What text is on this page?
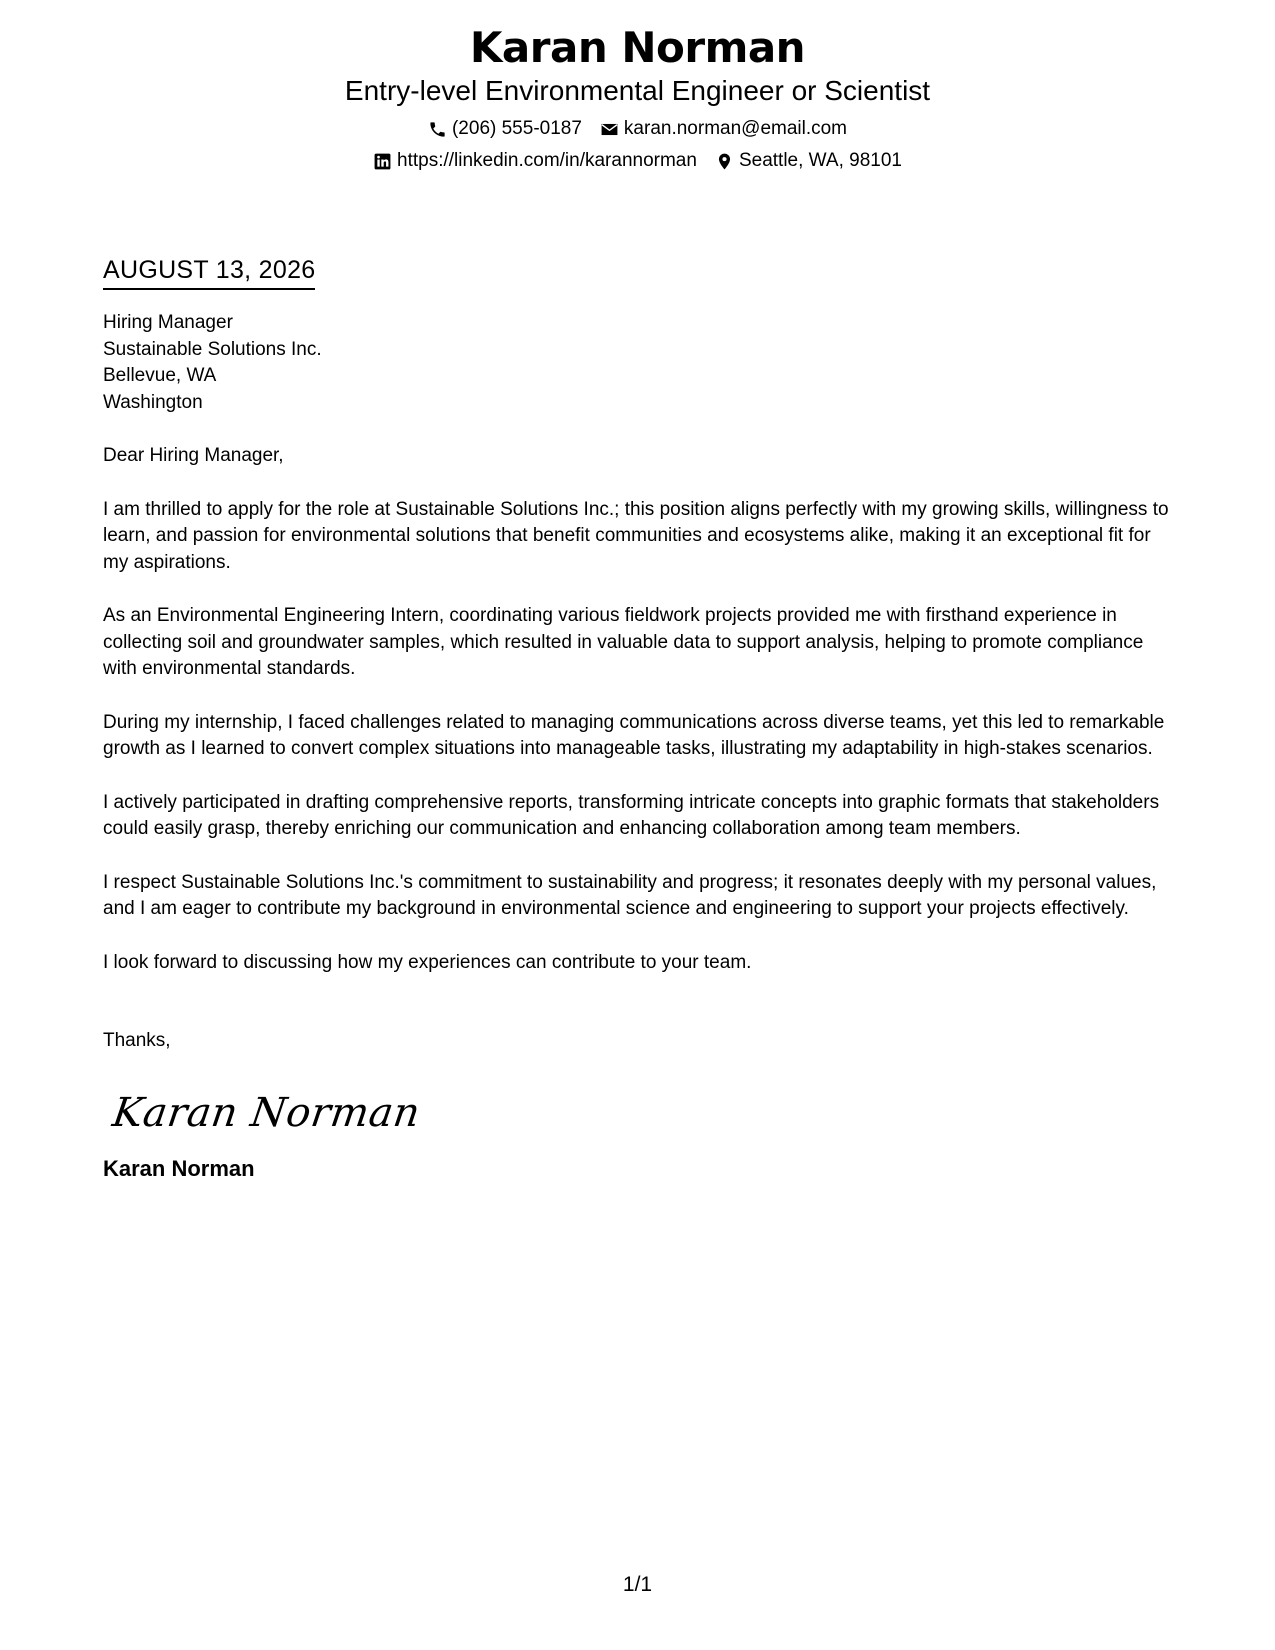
Karan Norman
Entry-level Environmental Engineer or Scientist
(206) 555-0187 karan.norman@email.com
https://linkedin.com/in/karannorman Seattle, WA, 98101
AUGUST 13, 2026
Hiring Manager
Sustainable Solutions Inc.
Bellevue, WA
Washington
Dear Hiring Manager,
I am thrilled to apply for the role at Sustainable Solutions Inc.; this position aligns perfectly with my growing skills, willingness to learn, and passion for environmental solutions that benefit communities and ecosystems alike, making it an exceptional fit for my aspirations.
As an Environmental Engineering Intern, coordinating various fieldwork projects provided me with firsthand experience in collecting soil and groundwater samples, which resulted in valuable data to support analysis, helping to promote compliance with environmental standards.
During my internship, I faced challenges related to managing communications across diverse teams, yet this led to remarkable growth as I learned to convert complex situations into manageable tasks, illustrating my adaptability in high-stakes scenarios.
I actively participated in drafting comprehensive reports, transforming intricate concepts into graphic formats that stakeholders could easily grasp, thereby enriching our communication and enhancing collaboration among team members.
I respect Sustainable Solutions Inc.'s commitment to sustainability and progress; it resonates deeply with my personal values, and I am eager to contribute my background in environmental science and engineering to support your projects effectively.
I look forward to discussing how my experiences can contribute to your team.
Thanks,
Karan Norman
Karan Norman
1/1
